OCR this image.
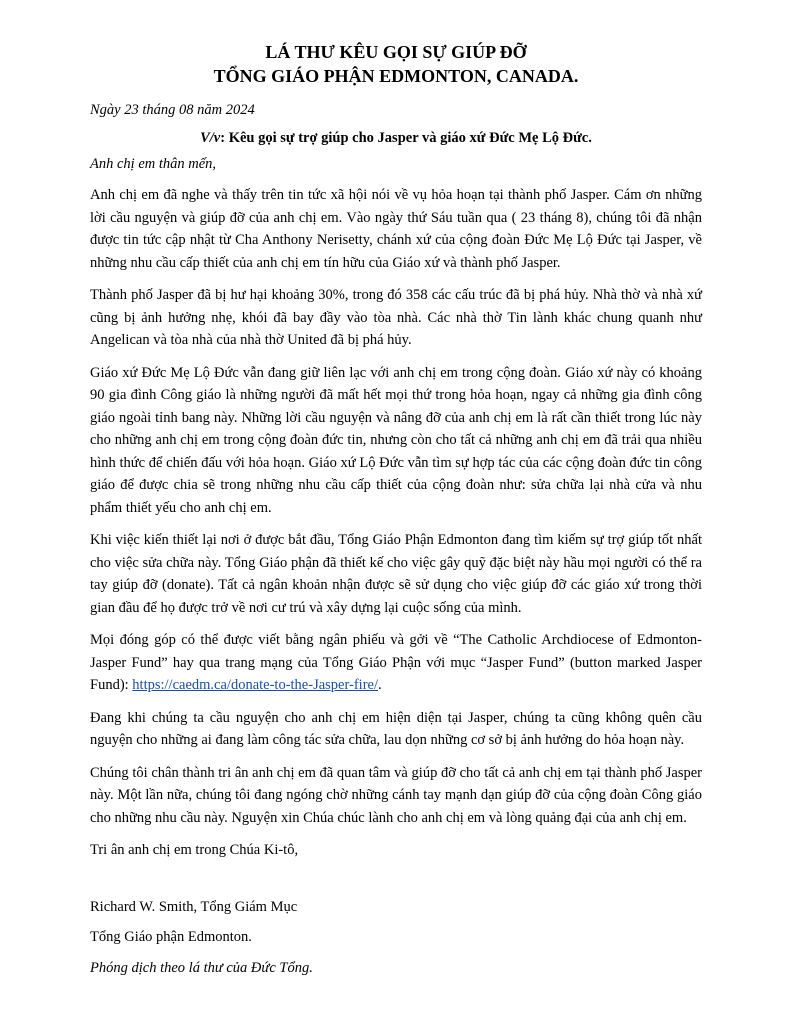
LÁ THƯ KÊU GỌI SỰ GIÚP ĐỠ

TỔNG GIÁO PHẬN EDMONTON, CANADA.

Ngày 23 tháng 08 năm 2024

V/v: Kêu gọi sự trợ giúp cho Jasper và giáo xứ Đức Mẹ Lộ Đức.

Anh chị em thân mến,

Anh chị em đã nghe và thấy trên tin tức xã hội nói về vụ hỏa hoạn tại thành phố Jasper. Cám ơn những lời cầu nguyện và giúp đỡ của anh chị em. Vào ngày thứ Sáu tuần qua ( 23 tháng 8), chúng tôi đã nhận được tin tức cập nhật từ Cha Anthony Nerisetty, chánh xứ của cộng đoàn Đức Mẹ Lộ Đức tại Jasper, về những nhu cầu cấp thiết của anh chị em tín hữu của Giáo xứ và thành phố Jasper.

Thành phố Jasper đã bị hư hại khoảng 30%, trong đó 358 các cấu trúc đã bị phá hủy. Nhà thờ và nhà xứ cũng bị ảnh hưởng nhẹ, khói đã bay đầy vào tòa nhà. Các nhà thờ Tin lành khác chung quanh như Angelican và tòa nhà của nhà thờ United đã bị phá hủy.

Giáo xứ Đức Mẹ Lộ Đức vẫn đang giữ liên lạc với anh chị em trong cộng đoàn. Giáo xứ này có khoảng 90 gia đình Công giáo là những người đã mất hết mọi thứ trong hỏa hoạn, ngay cả những gia đình công giáo ngoài tỉnh bang này. Những lời cầu nguyện và nâng đỡ của anh chị em là rất cần thiết trong lúc này cho những anh chị em trong cộng đoàn đức tin, nhưng còn cho tất cả những anh chị em đã trải qua nhiều hình thức để chiến đấu với hỏa hoạn. Giáo xứ Lộ Đức vẫn tìm sự hợp tác của các cộng đoàn đức tin công giáo để được chia sẽ trong những nhu cầu cấp thiết của cộng đoàn như: sửa chữa lại nhà cửa và nhu phẩm thiết yếu cho anh chị em.

Khi việc kiến thiết lại nơi ở được bắt đầu, Tổng Giáo Phận Edmonton đang tìm kiếm sự trợ giúp tốt nhất cho việc sửa chữa này. Tổng Giáo phận đã thiết kế cho việc gây quỹ đặc biệt này hầu mọi người có thể ra tay giúp đỡ (donate). Tất cả ngân khoản nhận được sẽ sử dụng cho việc giúp đỡ các giáo xứ trong thời gian đầu để họ được trở về nơi cư trú và xây dựng lại cuộc sống của mình.

Mọi đóng góp có thể được viết bằng ngân phiếu và gởi về “The Catholic Archdiocese of Edmonton-Jasper Fund” hay qua trang mạng của Tổng Giáo Phận với mục “Jasper Fund” (button marked Jasper Fund): https://caedm.ca/donate-to-the-Jasper-fire/.

Đang khi chúng ta cầu nguyện cho anh chị em hiện diện tại Jasper, chúng ta cũng không quên cầu nguyện cho những ai đang làm công tác sửa chữa, lau dọn những cơ sở bị ảnh hưởng do hỏa hoạn này.

Chúng tôi chân thành tri ân anh chị em đã quan tâm và giúp đỡ cho tất cả anh chị em tại thành phố Jasper này. Một lần nữa, chúng tôi đang ngóng chờ những cánh tay mạnh dạn giúp đỡ của cộng đoàn Công giáo cho những nhu cầu này. Nguyện xin Chúa chúc lành cho anh chị em và lòng quảng đại của anh chị em.

Tri ân anh chị em trong Chúa Ki-tô,

Richard W. Smith, Tổng Giám Mục

Tổng Giáo phận Edmonton.

Phóng dịch theo lá thư của Đức Tổng.
